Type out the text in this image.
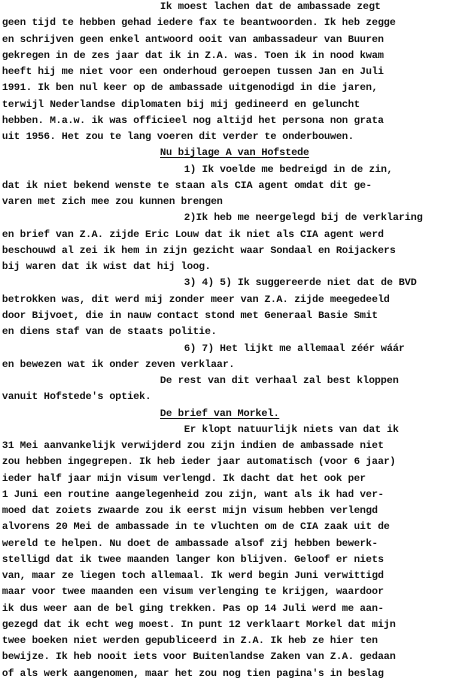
Ik moest lachen dat de ambassade zegt
geen tijd te hebben gehad iedere fax te beantwoorden. Ik heb zegge
en schrijven geen enkel antwoord ooit van ambassadeur van Buuren
gekregen in de zes jaar dat ik in Z.A. was. Toen ik in nood kwam
heeft hij me niet voor een onderhoud geroepen tussen Jan en Juli
1991. Ik ben nul keer op de ambassade uitgenodigd in die jaren,
terwijl Nederlandse diplomaten bij mij gedineerd en geluncht
hebben. M.a.w. ik was officieel nog altijd het persona non grata
uit 1956. Het zou te lang voeren dit verder te onderbouwen.
Nu bijlage A van Hofstede
1) Ik voelde me bedreigd in de zin,
dat ik niet bekend wenste te staan als CIA agent omdat dit ge-
varen met zich mee zou kunnen brengen
2)Ik heb me neergelegd bij de verklaring
en brief van Z.A. zijde Eric Louw dat ik niet als CIA agent werd
beschouwd al zei ik hem in zijn gezicht waar Sondaal en Roijackers
bij waren dat ik wist dat hij loog.
3) 4) 5) Ik suggereerde niet dat de BVD
betrokken was, dit werd mij zonder meer van Z.A. zijde meegedeeld
door Bijvoet, die in nauw contact stond met Generaal Basie Smit
en diens staf van de staats politie.
6) 7) Het lijkt me allemaal zéér wáár
en bewezen wat ik onder zeven verklaar.
De rest van dit verhaal zal best kloppen
vanuit Hofstede's optiek.
De brief van Morkel.
Er klopt natuurlijk niets van dat ik
31 Mei aanvankelijk verwijderd zou zijn indien de ambassade niet
zou hebben ingegrepen. Ik heb ieder jaar automatisch (voor 6 jaar)
ieder half jaar mijn visum verlengd. Ik dacht dat het ook per
1 Juni een routine aangelegenheid zou zijn, want als ik had ver-
moed dat zoiets zwaarde zou ik eerst mijn visum hebben verlengd
alvorens 20 Mei de ambassade in te vluchten om de CIA zaak uit de
wereld te helpen. Nu doet de ambassade alsof zij hebben bewerk-
stelligd dat ik twee maanden langer kon blijven. Geloof er niets
van, maar ze liegen toch allemaal. Ik werd begin Juni verwittigd
maar voor twee maanden een visum verlenging te krijgen, waardoor
ik dus weer aan de bel ging trekken. Pas op 14 Juli werd me aan-
gezegd dat ik echt weg moest. In punt 12 verklaart Morkel dat mijn
twee boeken niet werden gepubliceerd in Z.A. Ik heb ze hier ten
bewijze. Ik heb nooit iets voor Buitenlandse Zaken van Z.A. gedaan
of als werk aangenomen, maar het zou nog tien pagina's in beslag
